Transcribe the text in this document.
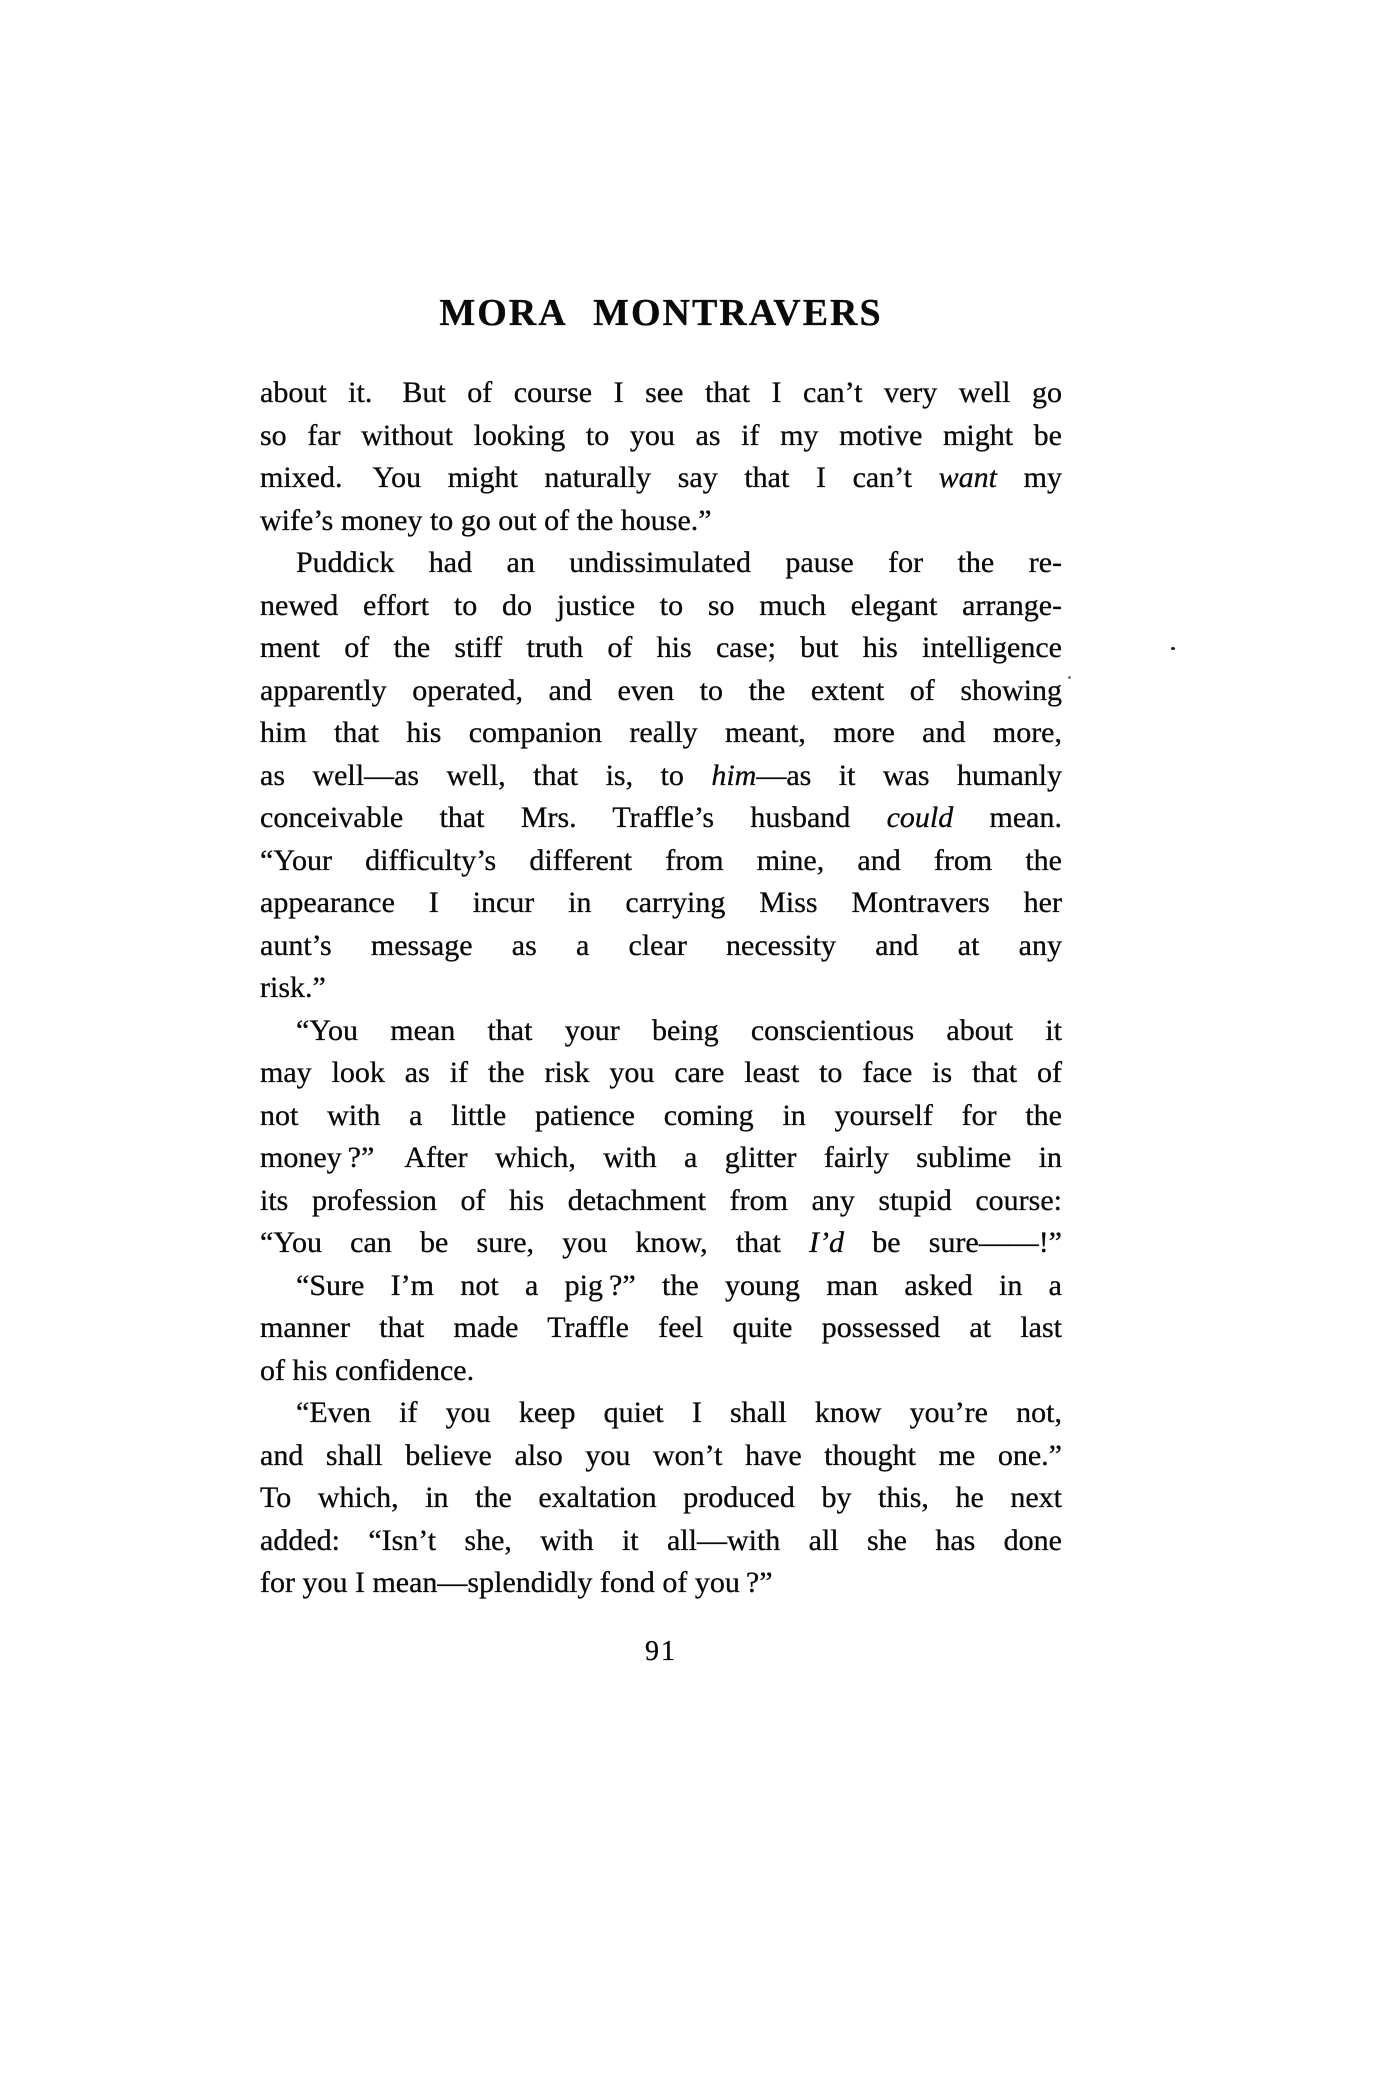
MORA MONTRAVERS
about it. But of course I see that I can’t very well go
so far without looking to you as if my motive might be
mixed. You might naturally say that I can’t want my
wife’s money to go out of the house.”
Puddick had an undissimulated pause for the re-
newed effort to do justice to so much elegant arrange-
ment of the stiff truth of his case; but his intelligence
apparently operated, and even to the extent of showing
him that his companion really meant, more and more,
as well—as well, that is, to him—as it was humanly
conceivable that Mrs. Traffle’s husband could mean.
“Your difficulty’s different from mine, and from the
appearance I incur in carrying Miss Montravers her
aunt’s message as a clear necessity and at any
risk.”
“You mean that your being conscientious about it
may look as if the risk you care least to face is that of
not with a little patience coming in yourself for the
money ?” After which, with a glitter fairly sublime in
its profession of his detachment from any stupid course:
“You can be sure, you know, that I’d be sure——!”
“Sure I’m not a pig ?” the young man asked in a
manner that made Traffle feel quite possessed at last
of his confidence.
“Even if you keep quiet I shall know you’re not,
and shall believe also you won’t have thought me one.”
To which, in the exaltation produced by this, he next
added: “Isn’t she, with it all—with all she has done
for you I mean—splendidly fond of you ?”
91
